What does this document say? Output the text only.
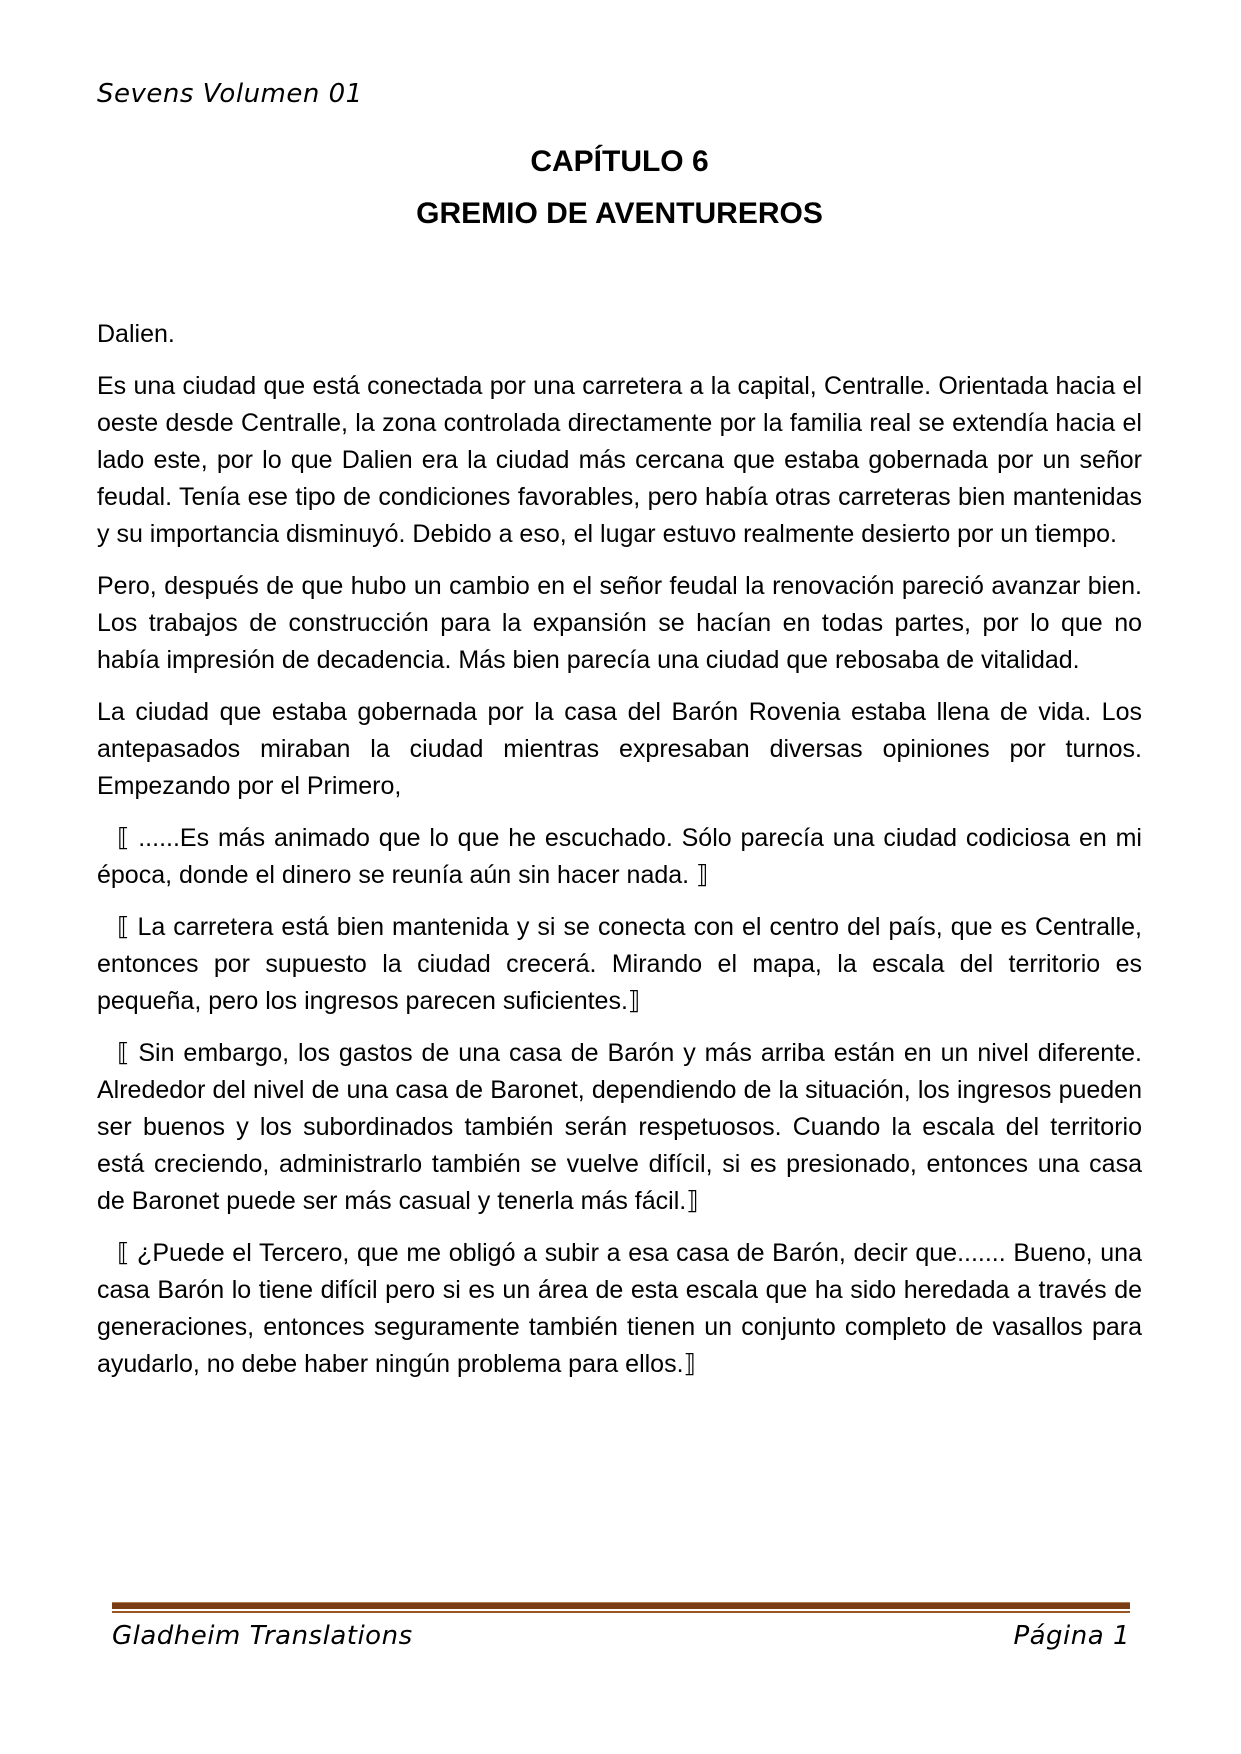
Sevens Volumen 01
CAPÍTULO 6
GREMIO DE AVENTUREROS

Dalien.

Es una ciudad que está conectada por una carretera a la capital, Centralle. Orientada hacia el oeste desde Centralle, la zona controlada directamente por la familia real se extendía hacia el lado este, por lo que Dalien era la ciudad más cercana que estaba gobernada por un señor feudal. Tenía ese tipo de condiciones favorables, pero había otras carreteras bien mantenidas y su importancia disminuyó. Debido a eso, el lugar estuvo realmente desierto por un tiempo.

Pero, después de que hubo un cambio en el señor feudal la renovación pareció avanzar bien. Los trabajos de construcción para la expansión se hacían en todas partes, por lo que no había impresión de decadencia. Más bien parecía una ciudad que rebosaba de vitalidad.

La ciudad que estaba gobernada por la casa del Barón Rovenia estaba llena de vida. Los antepasados miraban la ciudad mientras expresaban diversas opiniones por turnos. Empezando por el Primero,

⟦ ......Es más animado que lo que he escuchado. Sólo parecía una ciudad codiciosa en mi época, donde el dinero se reunía aún sin hacer nada. ⟧

⟦ La carretera está bien mantenida y si se conecta con el centro del país, que es Centralle, entonces por supuesto la ciudad crecerá. Mirando el mapa, la escala del territorio es pequeña, pero los ingresos parecen suficientes.⟧

⟦ Sin embargo, los gastos de una casa de Barón y más arriba están en un nivel diferente. Alrededor del nivel de una casa de Baronet, dependiendo de la situación, los ingresos pueden ser buenos y los subordinados también serán respetuosos. Cuando la escala del territorio está creciendo, administrarlo también se vuelve difícil, si es presionado, entonces una casa de Baronet puede ser más casual y tenerla más fácil.⟧

⟦ ¿Puede el Tercero, que me obligó a subir a esa casa de Barón, decir que....... Bueno, una casa Barón lo tiene difícil pero si es un área de esta escala que ha sido heredada a través de generaciones, entonces seguramente también tienen un conjunto completo de vasallos para ayudarlo, no debe haber ningún problema para ellos.⟧

Gladheim Translations	Página 1
